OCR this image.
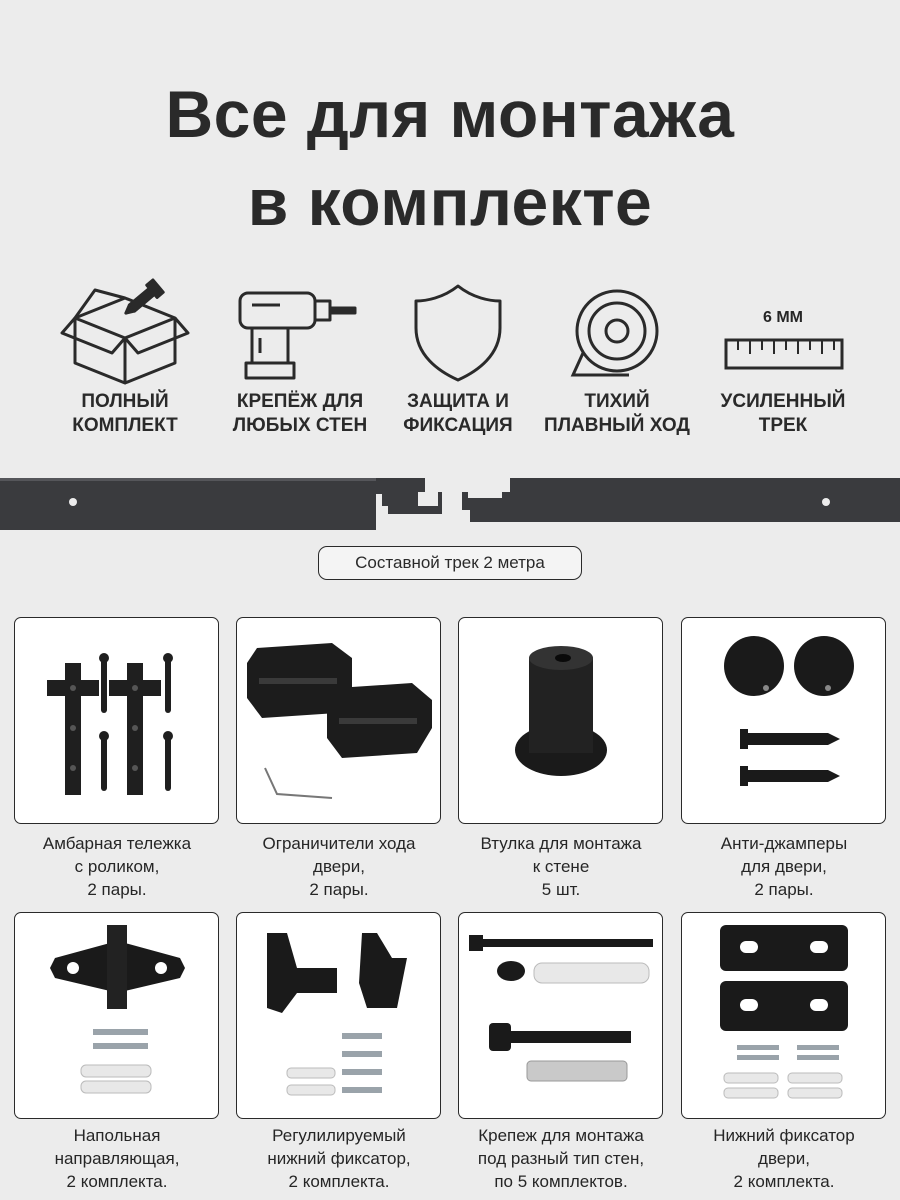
Все для монтажа
в комплекте
ПОЛНЫЙ
КОМПЛЕКТ
КРЕПЁЖ ДЛЯ
ЛЮБЫХ СТЕН
ЗАЩИТА И
ФИКСАЦИЯ
ТИХИЙ
ПЛАВНЫЙ ХОД
6 ММ
УСИЛЕННЫЙ
ТРЕК
Составной трек 2 метра
Амбарная тележка
с роликом,
2 пары.
Ограничители хода
двери,
2 пары.
Втулка для монтажа
к стене
5 шт.
Анти-джамперы
для двери,
2 пары.
Напольная
направляющая,
2 комплекта.
Регулилируемый
нижний фиксатор,
2 комплекта.
Крепеж для монтажа
под разный тип стен,
по 5 комплектов.
Нижний фиксатор
двери,
2 комплекта.
